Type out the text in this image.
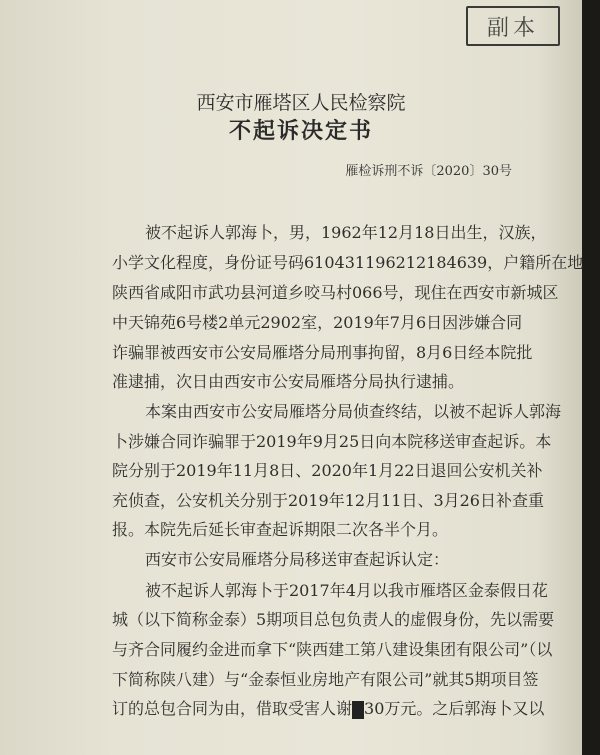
副本
西安市雁塔区人民检察院
不起诉决定书
雁检诉刑不诉〔2020〕30号
被不起诉人郭海卜，男，1962年12月18日出生，汉族，
小学文化程度，身份证号码610431196212184639，户籍所在地
陕西省咸阳市武功县河道乡咬马村066号，现住在西安市新城区
中天锦苑6号楼2单元2902室，2019年7月6日因涉嫌合同
诈骗罪被西安市公安局雁塔分局刑事拘留，8月6日经本院批
准逮捕，次日由西安市公安局雁塔分局执行逮捕。
本案由西安市公安局雁塔分局侦查终结，以被不起诉人郭海
卜涉嫌合同诈骗罪于2019年9月25日向本院移送审查起诉。本
院分别于2019年11月8日、2020年1月22日退回公安机关补
充侦查，公安机关分别于2019年12月11日、3月26日补查重
报。本院先后延长审查起诉期限二次各半个月。
西安市公安局雁塔分局移送审查起诉认定：
被不起诉人郭海卜于2017年4月以我市雁塔区金泰假日花
城（以下简称金泰）5期项目总包负责人的虚假身份，先以需要
与齐合同履约金进而拿下“陕西建工第八建设集团有限公司”（以
下简称陕八建）与“金泰恒业房地产有限公司”就其5期项目签
订的总包合同为由，借取受害人谢 30万元。之后郭海卜又以
